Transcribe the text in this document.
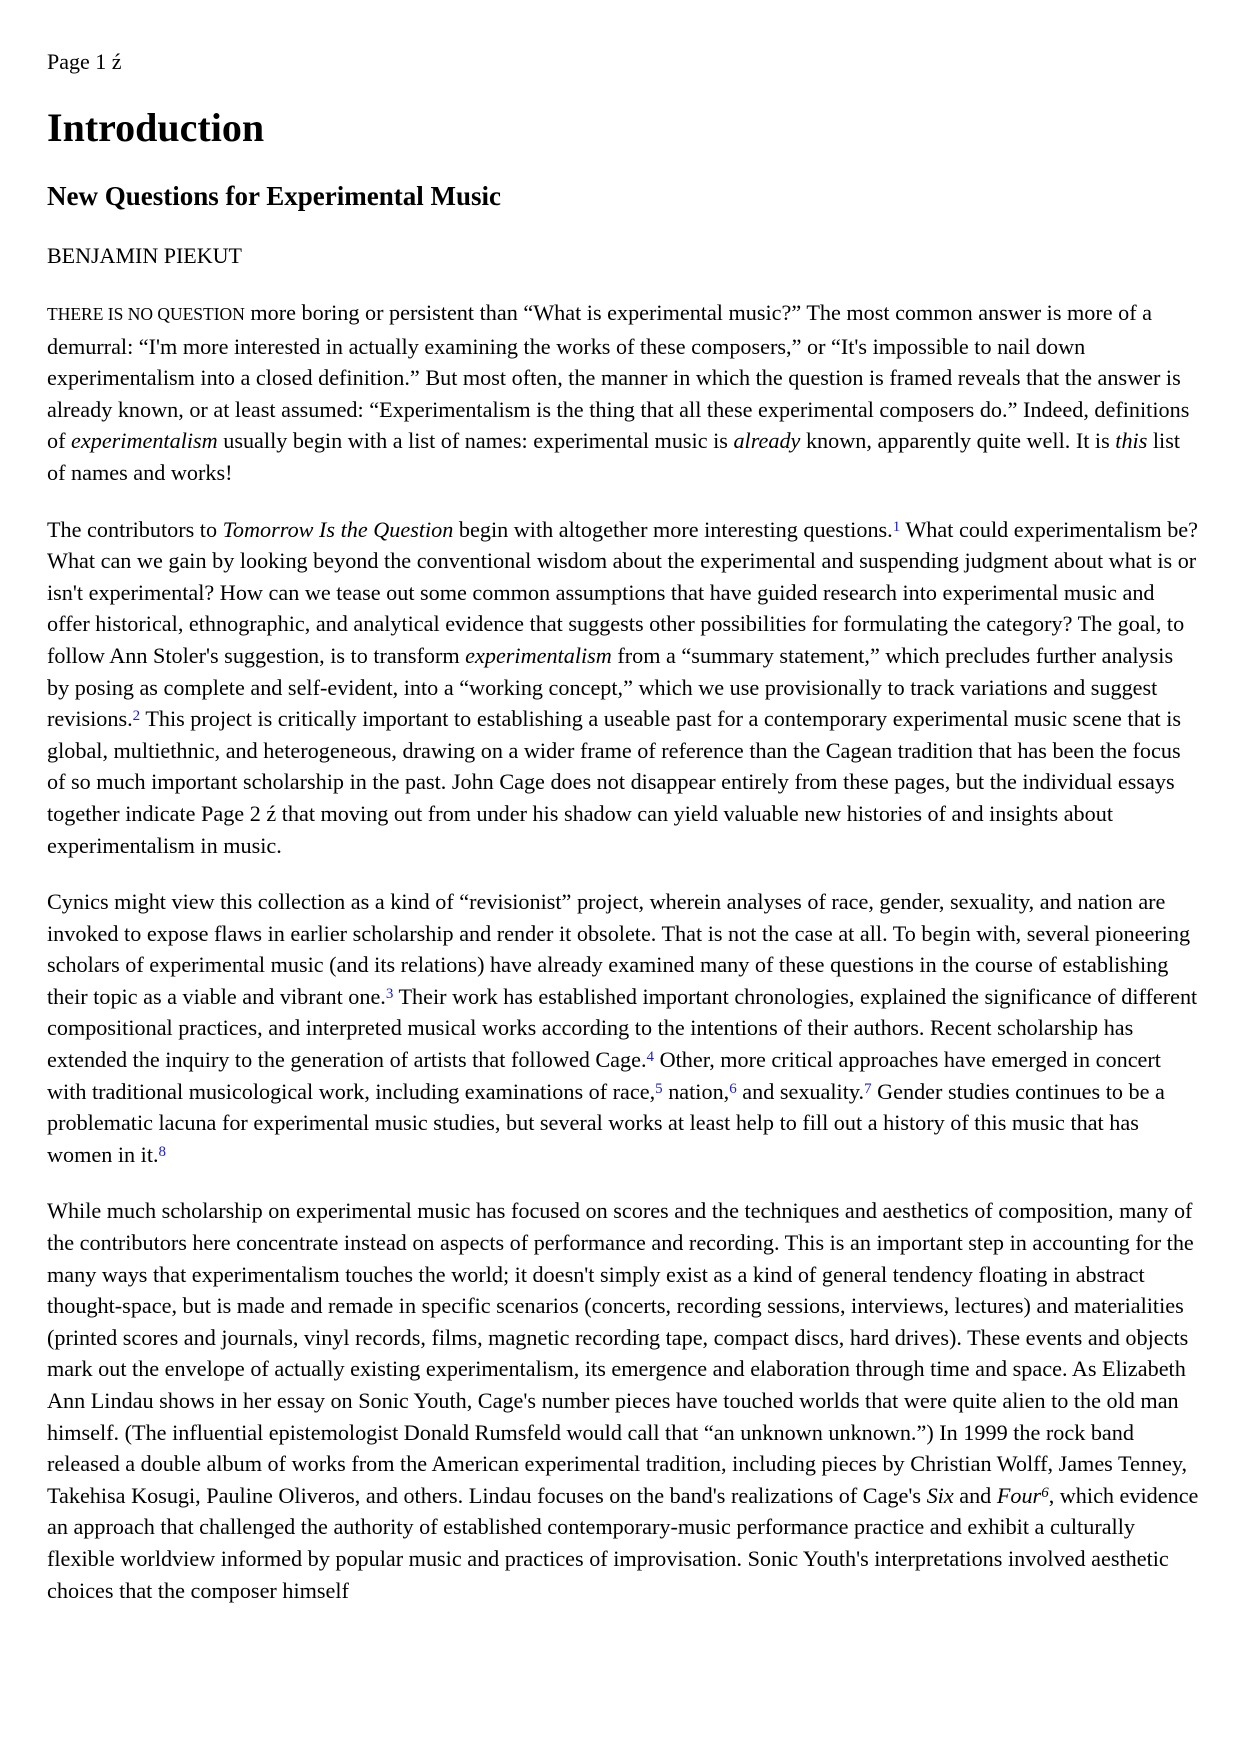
Page 1 ź
Introduction
New Questions for Experimental Music
BENJAMIN PIEKUT

THERE IS NO QUESTION more boring or persistent than “What is experimental music?” The most common answer is more of a demurral: “I'm more interested in actually examining the works of these composers,” or “It's impossible to nail down experimentalism into a closed definition.” But most often, the manner in which the question is framed reveals that the answer is already known, or at least assumed: “Experimentalism is the thing that all these experimental composers do.” Indeed, definitions of experimentalism usually begin with a list of names: experimental music is already known, apparently quite well. It is this list of names and works!

The contributors to Tomorrow Is the Question begin with altogether more interesting questions.$^1$ What could experimentalism be? What can we gain by looking beyond the conventional wisdom about the experimental and suspending judgment about what is or isn't experimental? How can we tease out some common assumptions that have guided research into experimental music and offer historical, ethnographic, and analytical evidence that suggests other possibilities for formulating the category? The goal, to follow Ann Stoler's suggestion, is to transform experimentalism from a “summary statement,” which precludes further analysis by posing as complete and self-evident, into a “working concept,” which we use provisionally to track variations and suggest revisions.$^2$ This project is critically important to establishing a useable past for a contemporary experimental music scene that is global, multiethnic, and heterogeneous, drawing on a wider frame of reference than the Cagean tradition that has been the focus of so much important scholarship in the past. John Cage does not disappear entirely from these pages, but the individual essays together indicate Page 2 ź that moving out from under his shadow can yield valuable new histories of and insights about experimentalism in music.

Cynics might view this collection as a kind of “revisionist” project, wherein analyses of race, gender, sexuality, and nation are invoked to expose flaws in earlier scholarship and render it obsolete. That is not the case at all. To begin with, several pioneering scholars of experimental music (and its relations) have already examined many of these questions in the course of establishing their topic as a viable and vibrant one.$^3$ Their work has established important chronologies, explained the significance of different compositional practices, and interpreted musical works according to the intentions of their authors. Recent scholarship has extended the inquiry to the generation of artists that followed Cage.$^4$ Other, more critical approaches have emerged in concert with traditional musicological work, including examinations of race,$^5$ nation,$^6$ and sexuality.$^7$ Gender studies continues to be a problematic lacuna for experimental music studies, but several works at least help to fill out a history of this music that has women in it.$^8$

While much scholarship on experimental music has focused on scores and the techniques and aesthetics of composition, many of the contributors here concentrate instead on aspects of performance and recording. This is an important step in accounting for the many ways that experimentalism touches the world; it doesn't simply exist as a kind of general tendency floating in abstract thought-space, but is made and remade in specific scenarios (concerts, recording sessions, interviews, lectures) and materialities (printed scores and journals, vinyl records, films, magnetic recording tape, compact discs, hard drives). These events and objects mark out the envelope of actually existing experimentalism, its emergence and elaboration through time and space. As Elizabeth Ann Lindau shows in her essay on Sonic Youth, Cage's number pieces have touched worlds that were quite alien to the old man himself. (The influential epistemologist Donald Rumsfeld would call that “an unknown unknown.”) In 1999 the rock band released a double album of works from the American experimental tradition, including pieces by Christian Wolff, James Tenney, Takehisa Kosugi, Pauline Oliveros, and others. Lindau focuses on the band's realizations of Cage's Six and Four$^6$, which evidence an approach that challenged the authority of established contemporary-music performance practice and exhibit a culturally flexible worldview informed by popular music and practices of improvisation. Sonic Youth's interpretations involved aesthetic choices that the composer himself
